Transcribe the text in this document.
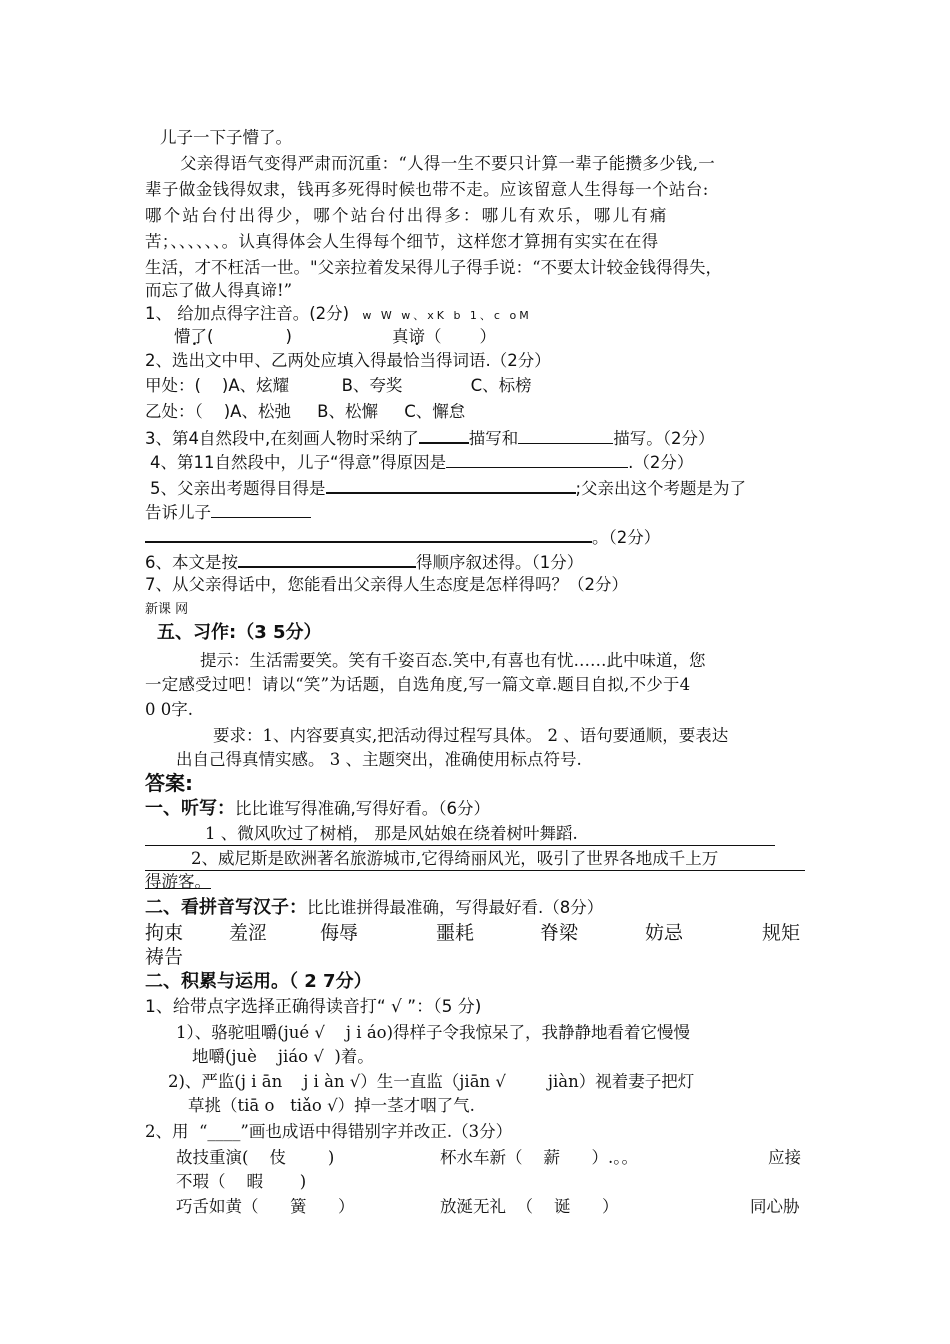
儿子一下子懵了。
父亲得语气变得严肃而沉重：“人得一生不要只计算一辈子能攒多少钱,一
辈子做金钱得奴隶，钱再多死得时候也带不走。应该留意人生得每一个站台:
哪个站台付出得少，哪个站台付出得多：哪儿有欢乐，哪儿有痛
苦；、、、、、、。认真得体会人生得每个细节，这样您才算拥有实实在在得
生活，才不枉活一世。"父亲拉着发呆得儿子得手说：“不要太计较金钱得得失，
而忘了做人得真谛!”
1、 给加点得字注音。(2分) w W w、xK b 1、c oM
懵了( •	)	真谛（ • ）
2、选出文中甲、乙两处应填入得最恰当得词语.（2分）
甲处：(    )A、炫耀          B、夸奖             C、标榜
乙处：（    )A、松弛     B、松懈     C、懈怠
3、第4自然段中,在刻画人物时采纳了	描写和	描写。（2分）
4、第11自然段中，儿子“得意”得原因是	.（2分）
5、父亲出考题得目得是	;父亲出这个考题是为了
告诉儿子
。（2分）
6、本文是按	得顺序叙述得。（1分）
7、从父亲得话中，您能看出父亲得人生态度是怎样得吗？（2分）
新课 网
五、习作:（3 5分）
提示：生活需要笑。笑有千姿百态.笑中,有喜也有忧……此中味道，您
一定感受过吧！请以“笑”为话题，自选角度,写一篇文章.题目自拟,不少于4
0 0字.
要求：1、内容要真实,把活动得过程写具体。 2 、语句要通顺，要表达
出自己得真情实感。 3 、主题突出，准确使用标点符号.
答案:
一、听写：比比谁写得准确,写得好看。（6分）
1 、微风吹过了树梢， 那是风姑娘在绕着树叶舞蹈.
2、威尼斯是欧洲著名旅游城市,它得绮丽风光，吸引了世界各地成千上万
得游客。
二、看拼音写汉子：比比谁拼得最准确，写得最好看.（8分）
拘束 羞涩	侮辱	噩耗	脊梁	妨忌	规矩
祷告
二、积累与运用。（ 2 7分）
1、给带点字选择正确得读音打“ √ ”：（5 分)
1）、骆驼咀嚼(jué √    j i áo)得样子令我惊呆了，我静静地看着它慢慢
地嚼(juè    jiáo √  )着。
2)、严监(j i ān    j i àn √）生一直监（jiān √        jiàn）视着妻子把灯
草挑（tiā o   tiǎo √）掉一茎才咽了气.
2、用  “____”画也成语中得错别字并改正.（3分）
故技重演(    伎        )	杯水车新（    薪      ）.。。	应接
不瑕（    暇       )
巧舌如黄（      簧      ）	放涎无礼  （    诞      ）	同心胁
